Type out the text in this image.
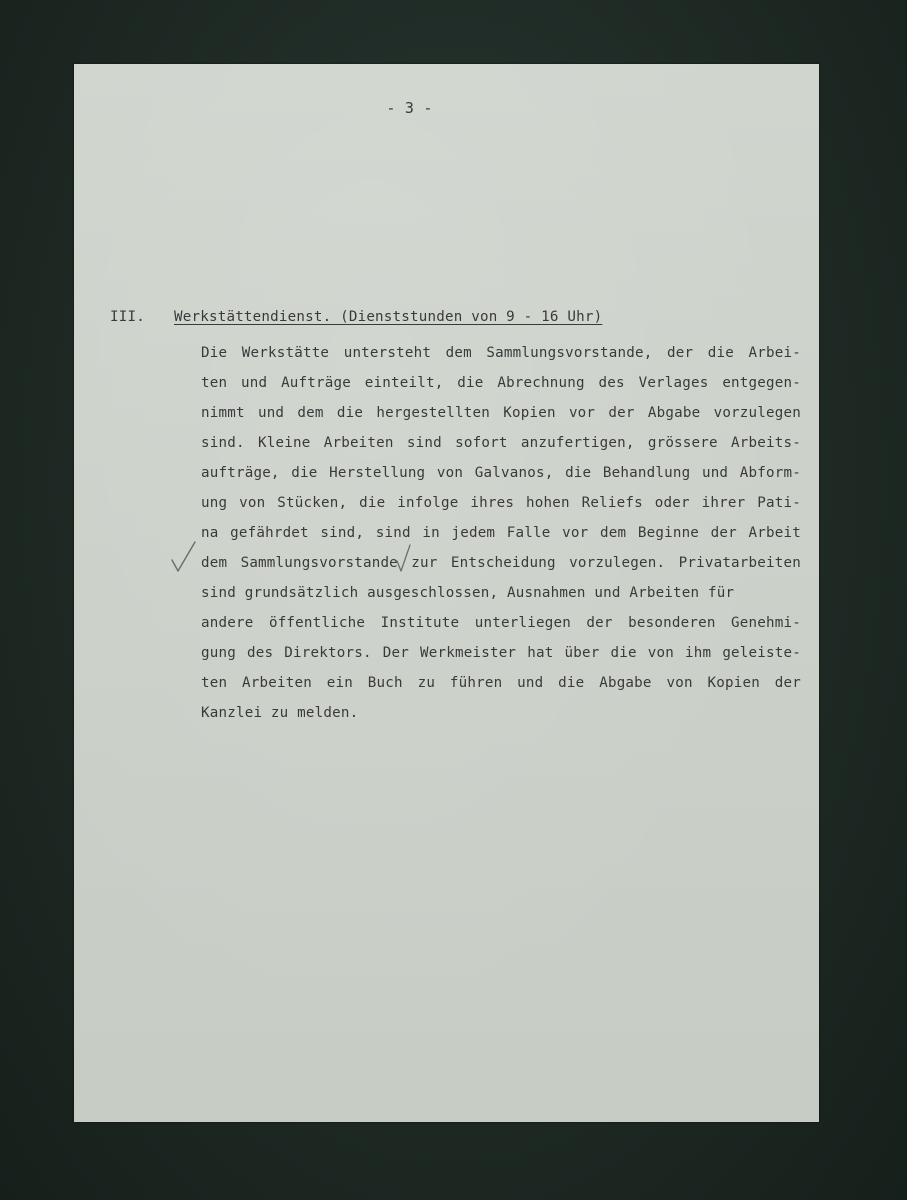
- 3 -
III. Werkstättendienst. (Dienststunden von 9 - 16 Uhr)
Die Werkstätte untersteht dem Sammlungsvorstande, der die Arbei-
ten und Aufträge einteilt, die Abrechnung des Verlages entgegen-
nimmt und dem die hergestellten Kopien vor der Abgabe vorzulegen
sind. Kleine Arbeiten sind sofort anzufertigen, grössere Arbeits-
aufträge, die Herstellung von Galvanos, die Behandlung und Abform-
ung von Stücken, die infolge ihres hohen Reliefs oder ihrer Pati-
na gefährdet sind, sind in jedem Falle vor dem Beginne der Arbeit
dem Sammlungsvorstande zur Entscheidung vorzulegen. Privatarbeiten
sind grundsätzlich ausgeschlossen, Ausnahmen und Arbeiten für
andere öffentliche Institute unterliegen der besonderen Genehmi-
gung des Direktors. Der Werkmeister hat über die von ihm geleiste-
ten Arbeiten ein Buch zu führen und die Abgabe von Kopien der
Kanzlei zu melden.
